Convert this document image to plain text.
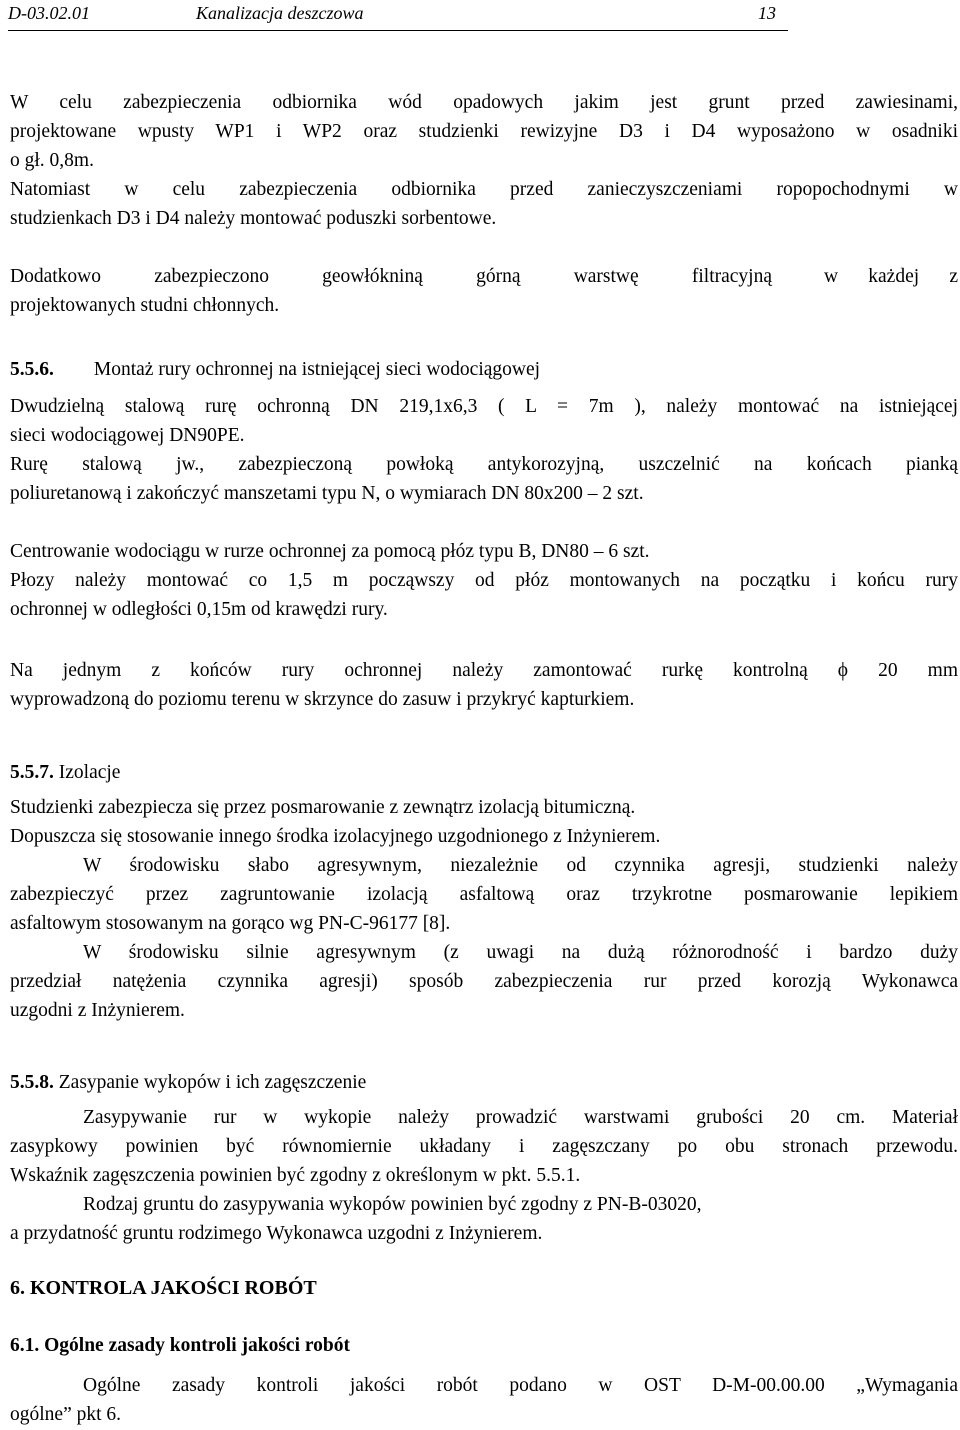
D-03.02.01	Kanalizacja deszczowa	13
W celu zabezpieczenia odbiornika wód opadowych jakim jest grunt przed zawiesinami,
projektowane wpusty WP1 i WP2 oraz studzienki rewizyjne D3 i D4 wyposażono w osadniki
o gł. 0,8m.
Natomiast w celu zabezpieczenia odbiornika przed zanieczyszczeniami ropopochodnymi w
studzienkach D3 i D4 należy montować poduszki sorbentowe.
Dodatkowo zabezpieczono geowłókniną górną warstwę filtracyjną	w każdej z
projektowanych studni chłonnych.
5.5.6. Montaż rury ochronnej na istniejącej sieci wodociągowej
Dwudzielną stalową rurę ochronną DN 219,1x6,3 ( L = 7m ), należy montować na istniejącej
sieci wodociągowej DN90PE.
Rurę stalową jw., zabezpieczoną powłoką antykorozyjną, uszczelnić na końcach pianką
poliuretanową i zakończyć manszetami typu N, o wymiarach DN 80x200 – 2 szt.
Centrowanie wodociągu w rurze ochronnej za pomocą płóz typu B, DN80 – 6 szt.
Płozy należy montować co 1,5 m począwszy od płóz montowanych na początku i końcu rury
ochronnej w odległości 0,15m od krawędzi rury.
Na jednym z końców rury ochronnej należy zamontować rurkę kontrolną ϕ 20 mm
wyprowadzoną do poziomu terenu w skrzynce do zasuw i przykryć kapturkiem.
5.5.7. Izolacje
Studzienki zabezpiecza się przez posmarowanie z zewnątrz izolacją bitumiczną.
Dopuszcza się stosowanie innego środka izolacyjnego uzgodnionego z Inżynierem.
W środowisku słabo agresywnym, niezależnie od czynnika agresji, studzienki należy
zabezpieczyć przez zagruntowanie izolacją asfaltową oraz trzykrotne posmarowanie lepikiem
asfaltowym stosowanym na gorąco wg PN-C-96177 [8].
W środowisku silnie agresywnym (z uwagi na dużą różnorodność i bardzo duży
przedział natężenia czynnika agresji) sposób zabezpieczenia rur przed korozją Wykonawca
uzgodni z Inżynierem.
5.5.8. Zasypanie wykopów i ich zagęszczenie
Zasypywanie rur w wykopie należy prowadzić warstwami grubości 20 cm. Materiał
zasypkowy powinien być równomiernie układany i zagęszczany po obu stronach przewodu.
Wskaźnik zagęszczenia powinien być zgodny z określonym w pkt. 5.5.1.
Rodzaj gruntu do zasypywania wykopów powinien być zgodny z PN-B-03020,
a przydatność gruntu rodzimego Wykonawca uzgodni z Inżynierem.
6. KONTROLA JAKOŚCI ROBÓT
6.1. Ogólne zasady kontroli jakości robót
Ogólne zasady kontroli jakości robót podano w OST D-M-00.00.00 „Wymagania
ogólne” pkt 6.
